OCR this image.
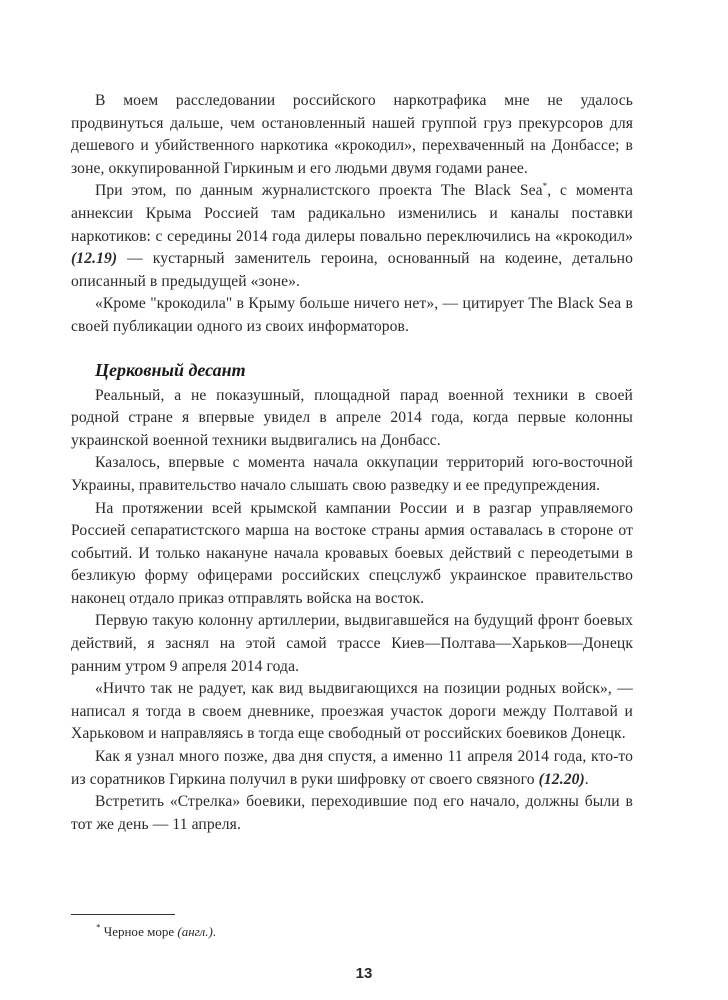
В моем расследовании российского наркотрафика мне не удалось продвинуться дальше, чем остановленный нашей группой груз прекурсоров для дешевого и убийственного наркотика «крокодил», перехваченный на Донбассе; в зоне, оккупированной Гиркиным и его людьми двумя годами ранее.

При этом, по данным журналистского проекта The Black Sea*, с момента аннексии Крыма Россией там радикально изменились и каналы поставки наркотиков: с середины 2014 года дилеры повально переключились на «крокодил» (12.19) — кустарный заменитель героина, основанный на кодеине, детально описанный в предыдущей «зоне».

«Кроме "крокодила" в Крыму больше ничего нет», — цитирует The Black Sea в своей публикации одного из своих информаторов.

Церковный десант

Реальный, а не показушный, площадной парад военной техники в своей родной стране я впервые увидел в апреле 2014 года, когда первые колонны украинской военной техники выдвигались на Донбасс.

Казалось, впервые с момента начала оккупации территорий юго-восточной Украины, правительство начало слышать свою разведку и ее предупреждения.

На протяжении всей крымской кампании России и в разгар управляемого Россией сепаратистского марша на востоке страны армия оставалась в стороне от событий. И только накануне начала кровавых боевых действий с переодетыми в безликую форму офицерами российских спецслужб украинское правительство наконец отдало приказ отправлять войска на восток.

Первую такую колонну артиллерии, выдвигавшейся на будущий фронт боевых действий, я заснял на этой самой трассе Киев—Полтава—Харьков—Донецк ранним утром 9 апреля 2014 года.

«Ничто так не радует, как вид выдвигающихся на позиции родных войск», — написал я тогда в своем дневнике, проезжая участок дороги между Полтавой и Харьковом и направляясь в тогда еще свободный от российских боевиков Донецк.

Как я узнал много позже, два дня спустя, а именно 11 апреля 2014 года, кто-то из соратников Гиркина получил в руки шифровку от своего связного (12.20).

Встретить «Стрелка» боевики, переходившие под его начало, должны были в тот же день — 11 апреля.

* Черное море (англ.).
13
